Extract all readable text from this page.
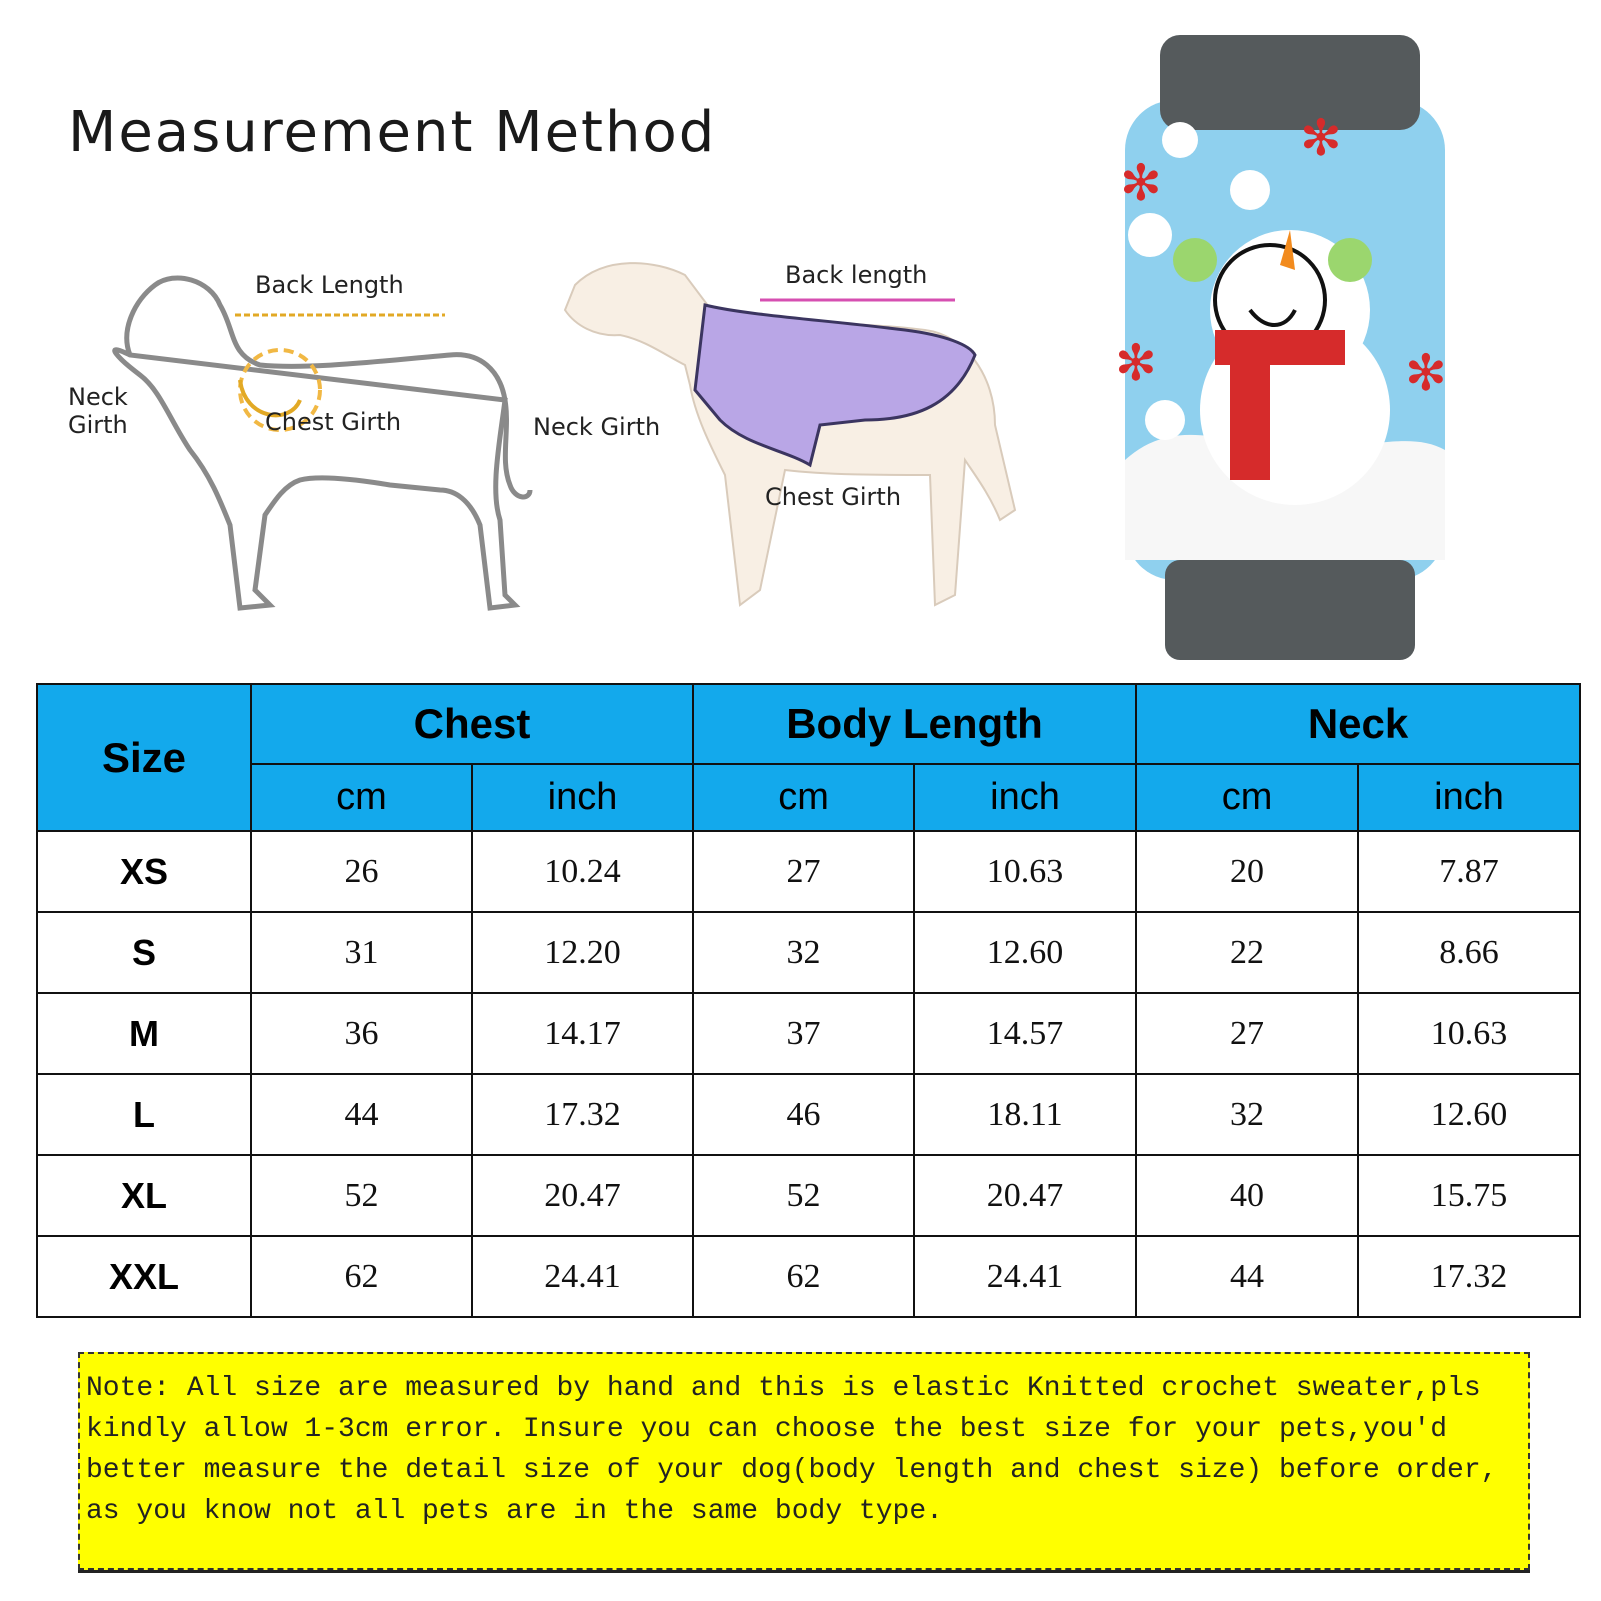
Measurement Method
Back Length
Neck Girth	Chest Girth
Back length
Neck Girth
Chest Girth
✻
✻
✻	✻
Size	Chest		Body Length		Neck	
	cm	inch	cm	inch	cm	inch
XS	26	10.24	27	10.63	20	7.87
S	31	12.20	32	12.60	22	8.66
M	36	14.17	37	14.57	27	10.63
L	44	17.32	46	18.11	32	12.60
XL	52	20.47	52	20.47	40	15.75
XXL	62	24.41	62	24.41	44	17.32
Note: All size are measured by hand and this is elastic Knitted crochet sweater,pls kindly allow 1-3cm error. Insure you can choose the best size for your pets,you'd better measure the detail size of your dog(body length and chest size) before order, as you know not all pets are in the same body type.
